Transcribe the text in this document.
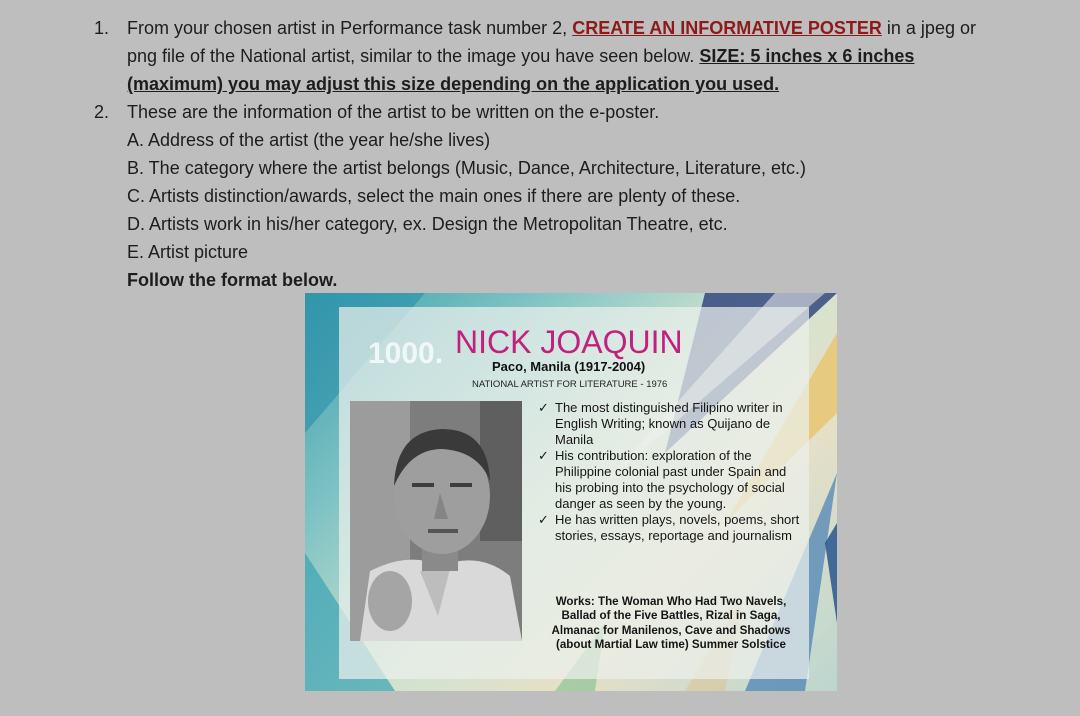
1. From your chosen artist in Performance task number 2, CREATE AN INFORMATIVE POSTER in a jpeg or
png file of the National artist, similar to the image you have seen below. SIZE: 5 inches x 6 inches
(maximum) you may adjust this size depending on the application you used.
2. These are the information of the artist to be written on the e-poster.
A. Address of the artist (the year he/she lives)
B. The category where the artist belongs (Music, Dance, Architecture, Literature, etc.)
C. Artists distinction/awards, select the main ones if there are plenty of these.
D. Artists work in his/her category, ex. Design the Metropolitan Theatre, etc.
E. Artist picture
Follow the format below.
1000. NICK JOAQUIN
Paco, Manila (1917-2004)
NATIONAL ARTIST FOR LITERATURE - 1976

✓ The most distinguished Filipino writer in English Writing; known as Quijano de Manila

✓ His contribution: exploration of the Philippine colonial past under Spain and his probing into the psychology of social danger as seen by the young.

✓ He has written plays, novels, poems, short stories, essays, reportage and journalism

Works: The Woman Who Had Two Navels, Ballad of the Five Battles, Rizal in Saga, Almanac for Manilenos, Cave and Shadows (about Martial Law time) Summer Solstice
